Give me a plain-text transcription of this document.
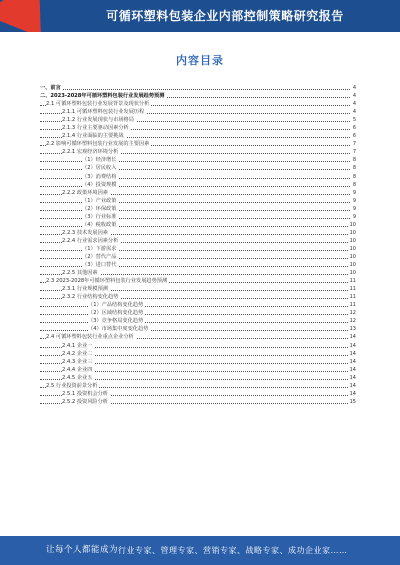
可循环塑料包装企业内部控制策略研究报告
内容目录
一、前言	4
二、2023-2028年可循环塑料包装行业发展趋势预测	4
2.1 可循环塑料包装行业发展背景及现状分析	4
2.1.1 可循环塑料包装行业发展历程	4
2.1.2 行业发展现状与市场格局	5
2.1.3 行业主要驱动因素分析	6
2.1.4 行业面临的主要挑战	6
2.2 影响可循环塑料包装行业发展的主要因素	7
2.2.1 宏观经济环境分析	7
（1）经济增长	8
（2）居民收入	8
（3）消费结构	8
（4）投资规模	8
2.2.2 政策环境因素	9
（1）产业政策	9
（2）环保政策	9
（3）行业标准	9
（4）税收政策	10
2.2.3 技术发展因素	10
2.2.4 行业需求因素分析	10
（1）下游需求	10
（2）替代产品	10
（3）进口替代	10
2.2.5 其他因素	10
2.3 2023-2028年可循环塑料包装行业发展趋势预测	11
2.3.1 行业规模预测	11
2.3.2 行业结构变化趋势	11
（1）产品结构变化趋势	11
（2）区域结构变化趋势	12
（3）竞争格局变化趋势	12
（4）市场集中度变化趋势	13
2.4 可循环塑料包装行业重点企业分析	14
2.4.1 企业一	14
2.4.2 企业二	14
2.4.3 企业三	14
2.4.4 企业四	14
2.4.5 企业五	14
2.5 行业投资前景分析	14
2.5.1 投资机会分析	14
2.5.2 投资风险分析	15
让每个人都能成为 行业专家、管理专家、营销专家、战略专家、成功企业家……
